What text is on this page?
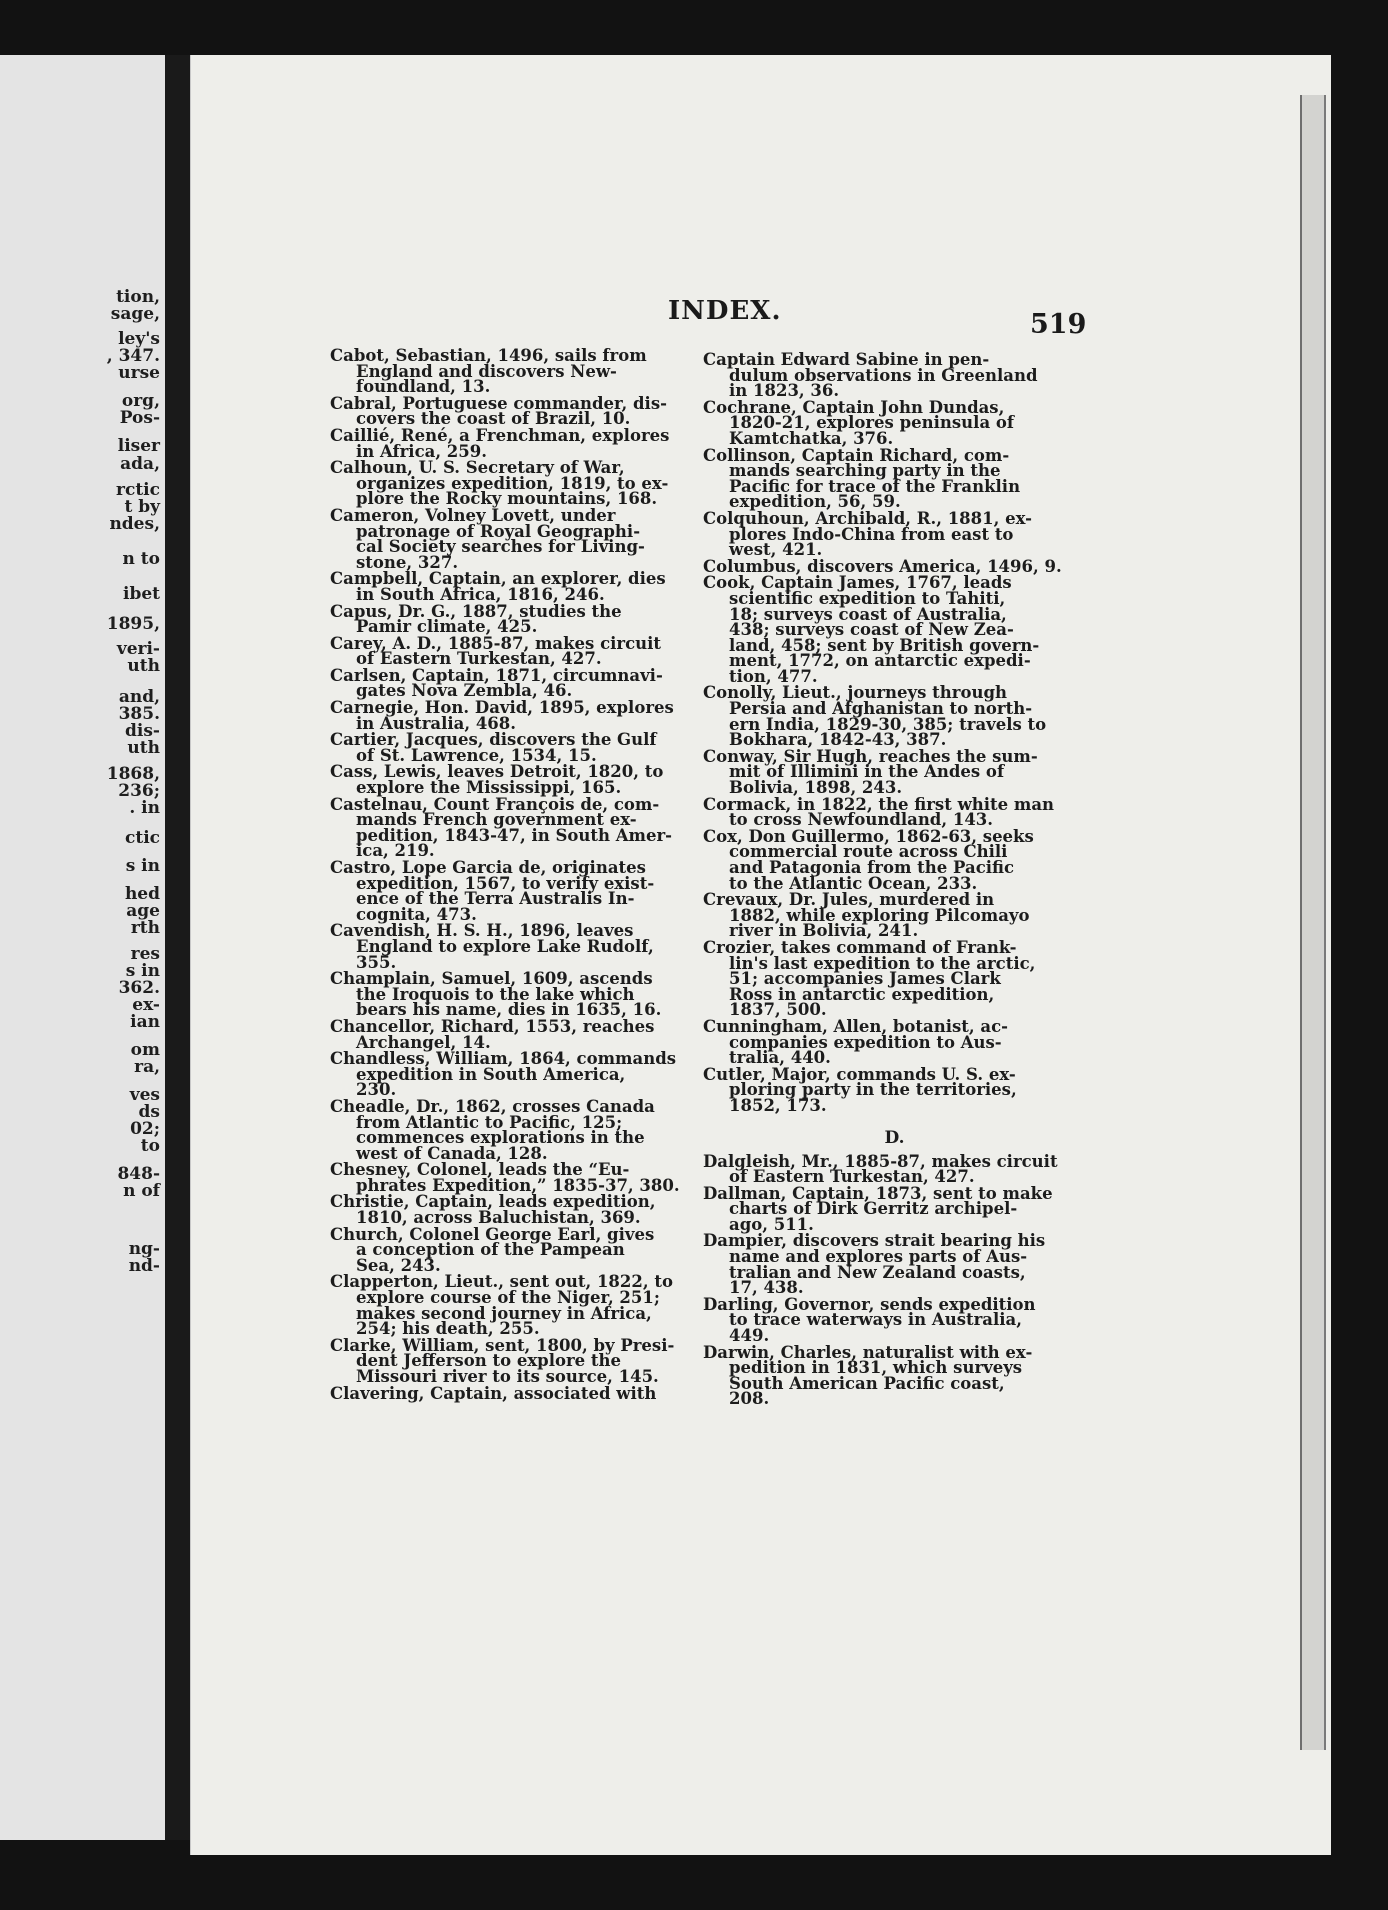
tion,
sage,
ley's
, 347.
urse
org,
Pos-
liser
ada,
rctic
t by
ndes,
n to
ibet
1895,
veri-
uth
and,
385.
dis-
uth
1868,
236;
. in
ctic
s in
hed
age
rth
res
s in
362.
ex-
ian
om
ra,
ves
ds
02;
to
848-
n of
ng-
nd-
INDEX.	519
Cabot, Sebastian, 1496, sails from
England and discovers New-
foundland, 13.
Cabral, Portuguese commander, dis-
covers the coast of Brazil, 10.
Caillié, René, a Frenchman, explores
in Africa, 259.
Calhoun, U. S. Secretary of War,
organizes expedition, 1819, to ex-
plore the Rocky mountains, 168.
Cameron, Volney Lovett, under
patronage of Royal Geographi-
cal Society searches for Living-
stone, 327.
Campbell, Captain, an explorer, dies
in South Africa, 1816, 246.
Capus, Dr. G., 1887, studies the
Pamir climate, 425.
Carey, A. D., 1885-87, makes circuit
of Eastern Turkestan, 427.
Carlsen, Captain, 1871, circumnavi-
gates Nova Zembla, 46.
Carnegie, Hon. David, 1895, explores
in Australia, 468.
Cartier, Jacques, discovers the Gulf
of St. Lawrence, 1534, 15.
Cass, Lewis, leaves Detroit, 1820, to
explore the Mississippi, 165.
Castelnau, Count François de, com-
mands French government ex-
pedition, 1843-47, in South Amer-
ica, 219.
Castro, Lope Garcia de, originates
expedition, 1567, to verify exist-
ence of the Terra Australis In-
cognita, 473.
Cavendish, H. S. H., 1896, leaves
England to explore Lake Rudolf,
355.
Champlain, Samuel, 1609, ascends
the Iroquois to the lake which
bears his name, dies in 1635, 16.
Chancellor, Richard, 1553, reaches
Archangel, 14.
Chandless, William, 1864, commands
expedition in South America,
230.
Cheadle, Dr., 1862, crosses Canada
from Atlantic to Pacific, 125;
commences explorations in the
west of Canada, 128.
Chesney, Colonel, leads the “Eu-
phrates Expedition,” 1835-37, 380.
Christie, Captain, leads expedition,
1810, across Baluchistan, 369.
Church, Colonel George Earl, gives
a conception of the Pampean
Sea, 243.
Clapperton, Lieut., sent out, 1822, to
explore course of the Niger, 251;
makes second journey in Africa,
254; his death, 255.
Clarke, William, sent, 1800, by Presi-
dent Jefferson to explore the
Missouri river to its source, 145.
Clavering, Captain, associated with
Captain Edward Sabine in pen-
dulum observations in Greenland
in 1823, 36.
Cochrane, Captain John Dundas,
1820-21, explores peninsula of
Kamtchatka, 376.
Collinson, Captain Richard, com-
mands searching party in the
Pacific for trace of the Franklin
expedition, 56, 59.
Colquhoun, Archibald, R., 1881, ex-
plores Indo-China from east to
west, 421.
Columbus, discovers America, 1496, 9.
Cook, Captain James, 1767, leads
scientific expedition to Tahiti,
18; surveys coast of Australia,
438; surveys coast of New Zea-
land, 458; sent by British govern-
ment, 1772, on antarctic expedi-
tion, 477.
Conolly, Lieut., journeys through
Persia and Afghanistan to north-
ern India, 1829-30, 385; travels to
Bokhara, 1842-43, 387.
Conway, Sir Hugh, reaches the sum-
mit of Illimini in the Andes of
Bolivia, 1898, 243.
Cormack, in 1822, the first white man
to cross Newfoundland, 143.
Cox, Don Guillermo, 1862-63, seeks
commercial route across Chili
and Patagonia from the Pacific
to the Atlantic Ocean, 233.
Crevaux, Dr. Jules, murdered in
1882, while exploring Pilcomayo
river in Bolivia, 241.
Crozier, takes command of Frank-
lin's last expedition to the arctic,
51; accompanies James Clark
Ross in antarctic expedition,
1837, 500.
Cunningham, Allen, botanist, ac-
companies expedition to Aus-
tralia, 440.
Cutler, Major, commands U. S. ex-
ploring party in the territories,
1852, 173.
D.
Dalgleish, Mr., 1885-87, makes circuit
of Eastern Turkestan, 427.
Dallman, Captain, 1873, sent to make
charts of Dirk Gerritz archipel-
ago, 511.
Dampier, discovers strait bearing his
name and explores parts of Aus-
tralian and New Zealand coasts,
17, 438.
Darling, Governor, sends expedition
to trace waterways in Australia,
449.
Darwin, Charles, naturalist with ex-
pedition in 1831, which surveys
South American Pacific coast,
208.
